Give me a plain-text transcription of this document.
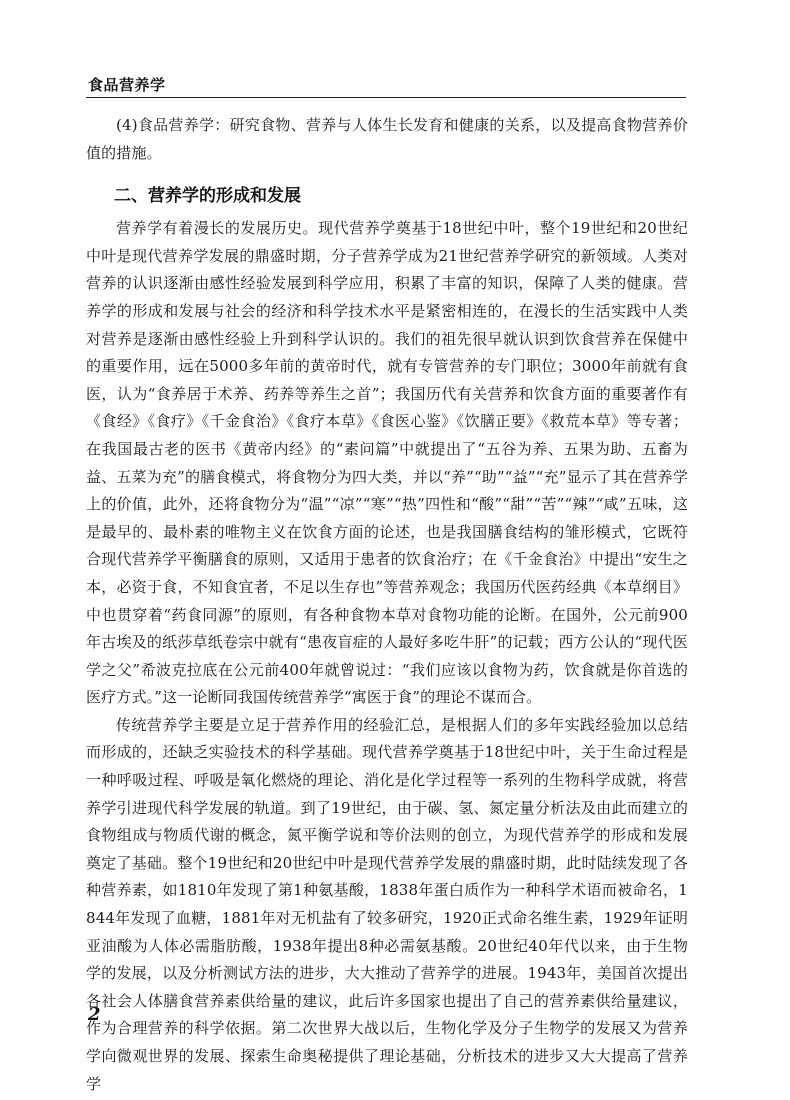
食品营养学

(4)食品营养学：研究食物、营养与人体生长发育和健康的关系，以及提高食物营养价值的措施。

二、营养学的形成和发展

营养学有着漫长的发展历史。现代营养学奠基于18世纪中叶，整个19世纪和20世纪中叶是现代营养学发展的鼎盛时期，分子营养学成为21世纪营养学研究的新领域。人类对营养的认识逐渐由感性经验发展到科学应用，积累了丰富的知识，保障了人类的健康。营养学的形成和发展与社会的经济和科学技术水平是紧密相连的，在漫长的生活实践中人类对营养是逐渐由感性经验上升到科学认识的。我们的祖先很早就认识到饮食营养在保健中的重要作用，远在5000多年前的黄帝时代，就有专管营养的专门职位；3000年前就有食医，认为“食养居于术养、药养等养生之首”；我国历代有关营养和饮食方面的重要著作有《食经》《食疗》《千金食治》《食疗本草》《食医心鉴》《饮膳正要》《救荒本草》等专著；在我国最古老的医书《黄帝内经》的“素问篇”中就提出了“五谷为养、五果为助、五畜为益、五菜为充”的膳食模式，将食物分为四大类，并以“养”“助”“益”“充”显示了其在营养学上的价值，此外，还将食物分为“温”“凉”“寒”“热”四性和“酸”“甜”“苦”“辣”“咸”五味，这是最早的、最朴素的唯物主义在饮食方面的论述，也是我国膳食结构的雏形模式，它既符合现代营养学平衡膳食的原则，又适用于患者的饮食治疗；在《千金食治》中提出“安生之本，必资于食，不知食宜者，不足以生存也”等营养观念；我国历代医药经典《本草纲目》中也贯穿着“药食同源”的原则，有各种食物本草对食物功能的论断。在国外，公元前900年古埃及的纸莎草纸卷宗中就有“患夜盲症的人最好多吃牛肝”的记载；西方公认的“现代医学之父”希波克拉底在公元前400年就曾说过：“我们应该以食物为药，饮食就是你首选的医疗方式。”这一论断同我国传统营养学“寓医于食”的理论不谋而合。

传统营养学主要是立足于营养作用的经验汇总，是根据人们的多年实践经验加以总结而形成的，还缺乏实验技术的科学基础。现代营养学奠基于18世纪中叶，关于生命过程是一种呼吸过程、呼吸是氧化燃烧的理论、消化是化学过程等一系列的生物科学成就，将营养学引进现代科学发展的轨道。到了19世纪，由于碳、氢、氮定量分析法及由此而建立的食物组成与物质代谢的概念，氮平衡学说和等价法则的创立，为现代营养学的形成和发展奠定了基础。整个19世纪和20世纪中叶是现代营养学发展的鼎盛时期，此时陆续发现了各种营养素，如1810年发现了第1种氨基酸，1838年蛋白质作为一种科学术语而被命名，1844年发现了血糖，1881年对无机盐有了较多研究，1920正式命名维生素，1929年证明亚油酸为人体必需脂肪酸，1938年提出8种必需氨基酸。20世纪40年代以来，由于生物学的发展，以及分析测试方法的进步，大大推动了营养学的进展。1943年，美国首次提出各社会人体膳食营养素供给量的建议，此后许多国家也提出了自己的营养素供给量建议，作为合理营养的科学依据。第二次世界大战以后，生物化学及分子生物学的发展又为营养学向微观世界的发展、探索生命奥秘提供了理论基础，分析技术的进步又大大提高了营养学

2
